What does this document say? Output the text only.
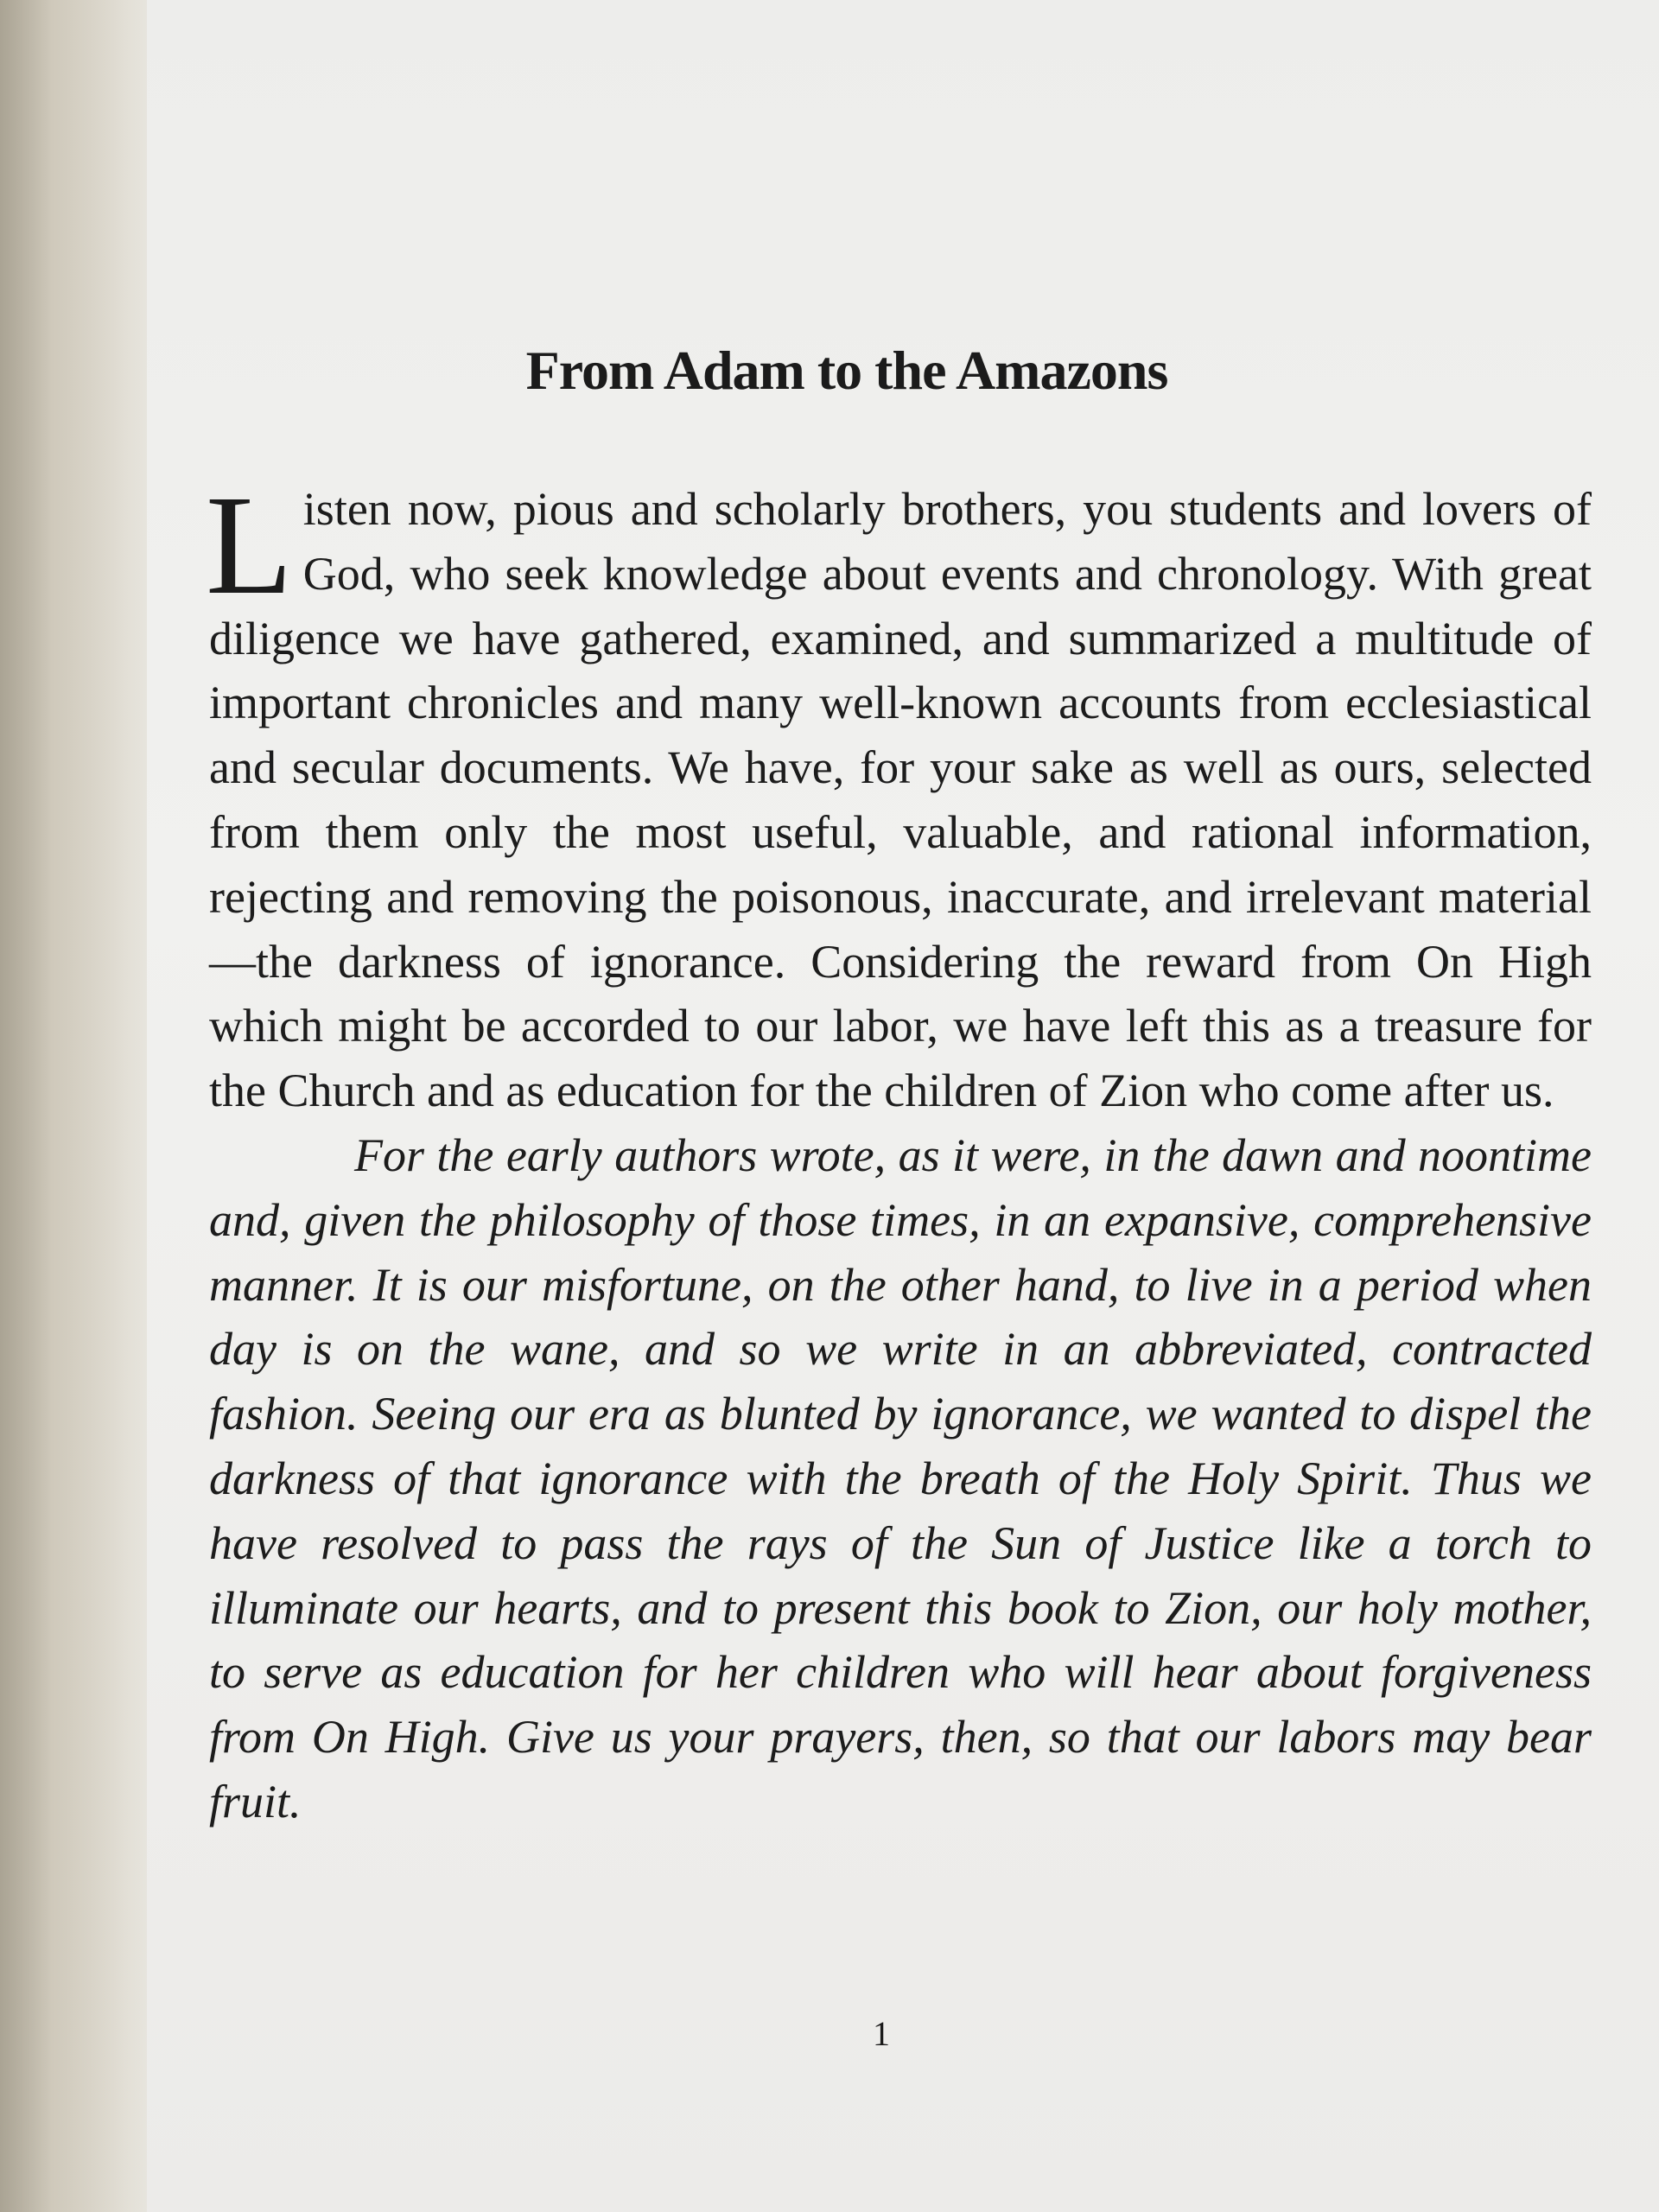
From Adam to the Amazons

Listen now, pious and scholarly brothers, you students and lovers of God, who seek knowledge about events and chronology. With great diligence we have gathered, examined, and summarized a multitude of important chronicles and many well-known accounts from ecclesiastical and secular documents. We have, for your sake as well as ours, selected from them only the most useful, valuable, and rational information, rejecting and removing the poisonous, inaccurate, and irrelevant material—the darkness of ignorance. Considering the reward from On High which might be accorded to our labor, we have left this as a treasure for the Church and as education for the children of Zion who come after us.

For the early authors wrote, as it were, in the dawn and noontime and, given the philosophy of those times, in an expansive, comprehensive manner. It is our misfortune, on the other hand, to live in a period when day is on the wane, and so we write in an abbreviated, contracted fashion. Seeing our era as blunted by ignorance, we wanted to dispel the darkness of that ignorance with the breath of the Holy Spirit. Thus we have resolved to pass the rays of the Sun of Justice like a torch to illuminate our hearts, and to present this book to Zion, our holy mother, to serve as education for her children who will hear about forgiveness from On High. Give us your prayers, then, so that our labors may bear fruit.

1
